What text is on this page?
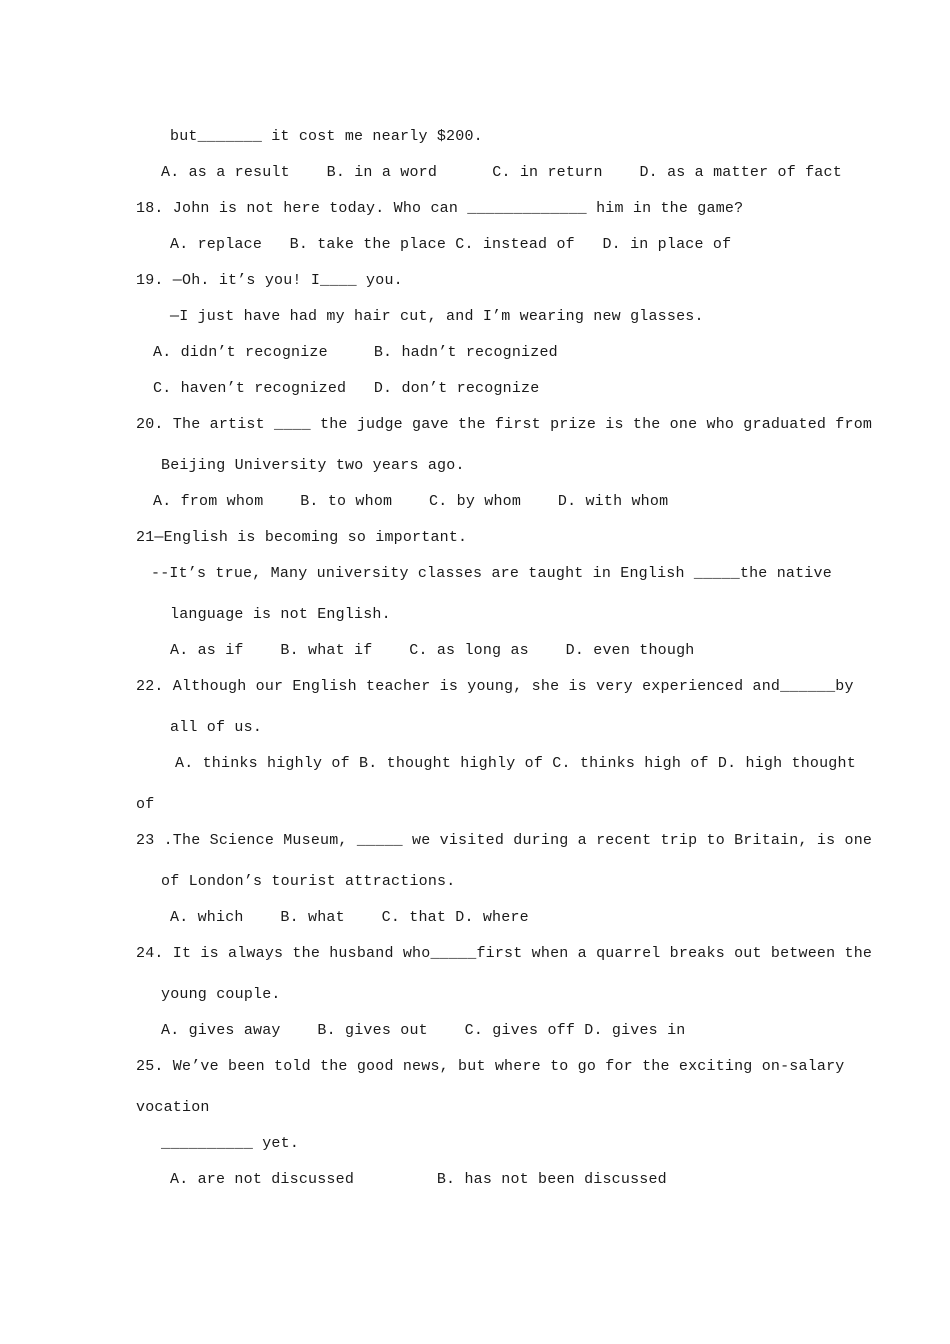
but_______ it cost me nearly $200.
A. as a result    B. in a word      C. in return    D. as a matter of fact
18. John is not here today. Who can _____________ him in the game?
A. replace   B. take the place C. instead of   D. in place of
19. —Oh. it’s you! I____ you.
—I just have had my hair cut, and I’m wearing new glasses.
A. didn’t recognize     B. hadn’t recognized
C. haven’t recognized   D. don’t recognize
20. The artist ____ the judge gave the first prize is the one who graduated from
Beijing University two years ago.
A. from whom    B. to whom    C. by whom    D. with whom
21—English is becoming so important.
--It’s true, Many university classes are taught in English _____the native
language is not English.
A. as if    B. what if    C. as long as    D. even though
22. Although our English teacher is young, she is very experienced and______by
all of us.
A. thinks highly of B. thought highly of C. thinks high of D. high thought
of
23 .The Science Museum, _____ we visited during a recent trip to Britain, is one
of London’s tourist attractions.
A. which    B. what    C. that D. where
24. It is always the husband who_____first when a quarrel breaks out between the
young couple.
A. gives away    B. gives out    C. gives off D. gives in
25. We’ve been told the good news, but where to go for the exciting on-salary
vocation
__________ yet.
A. are not discussed         B. has not been discussed
